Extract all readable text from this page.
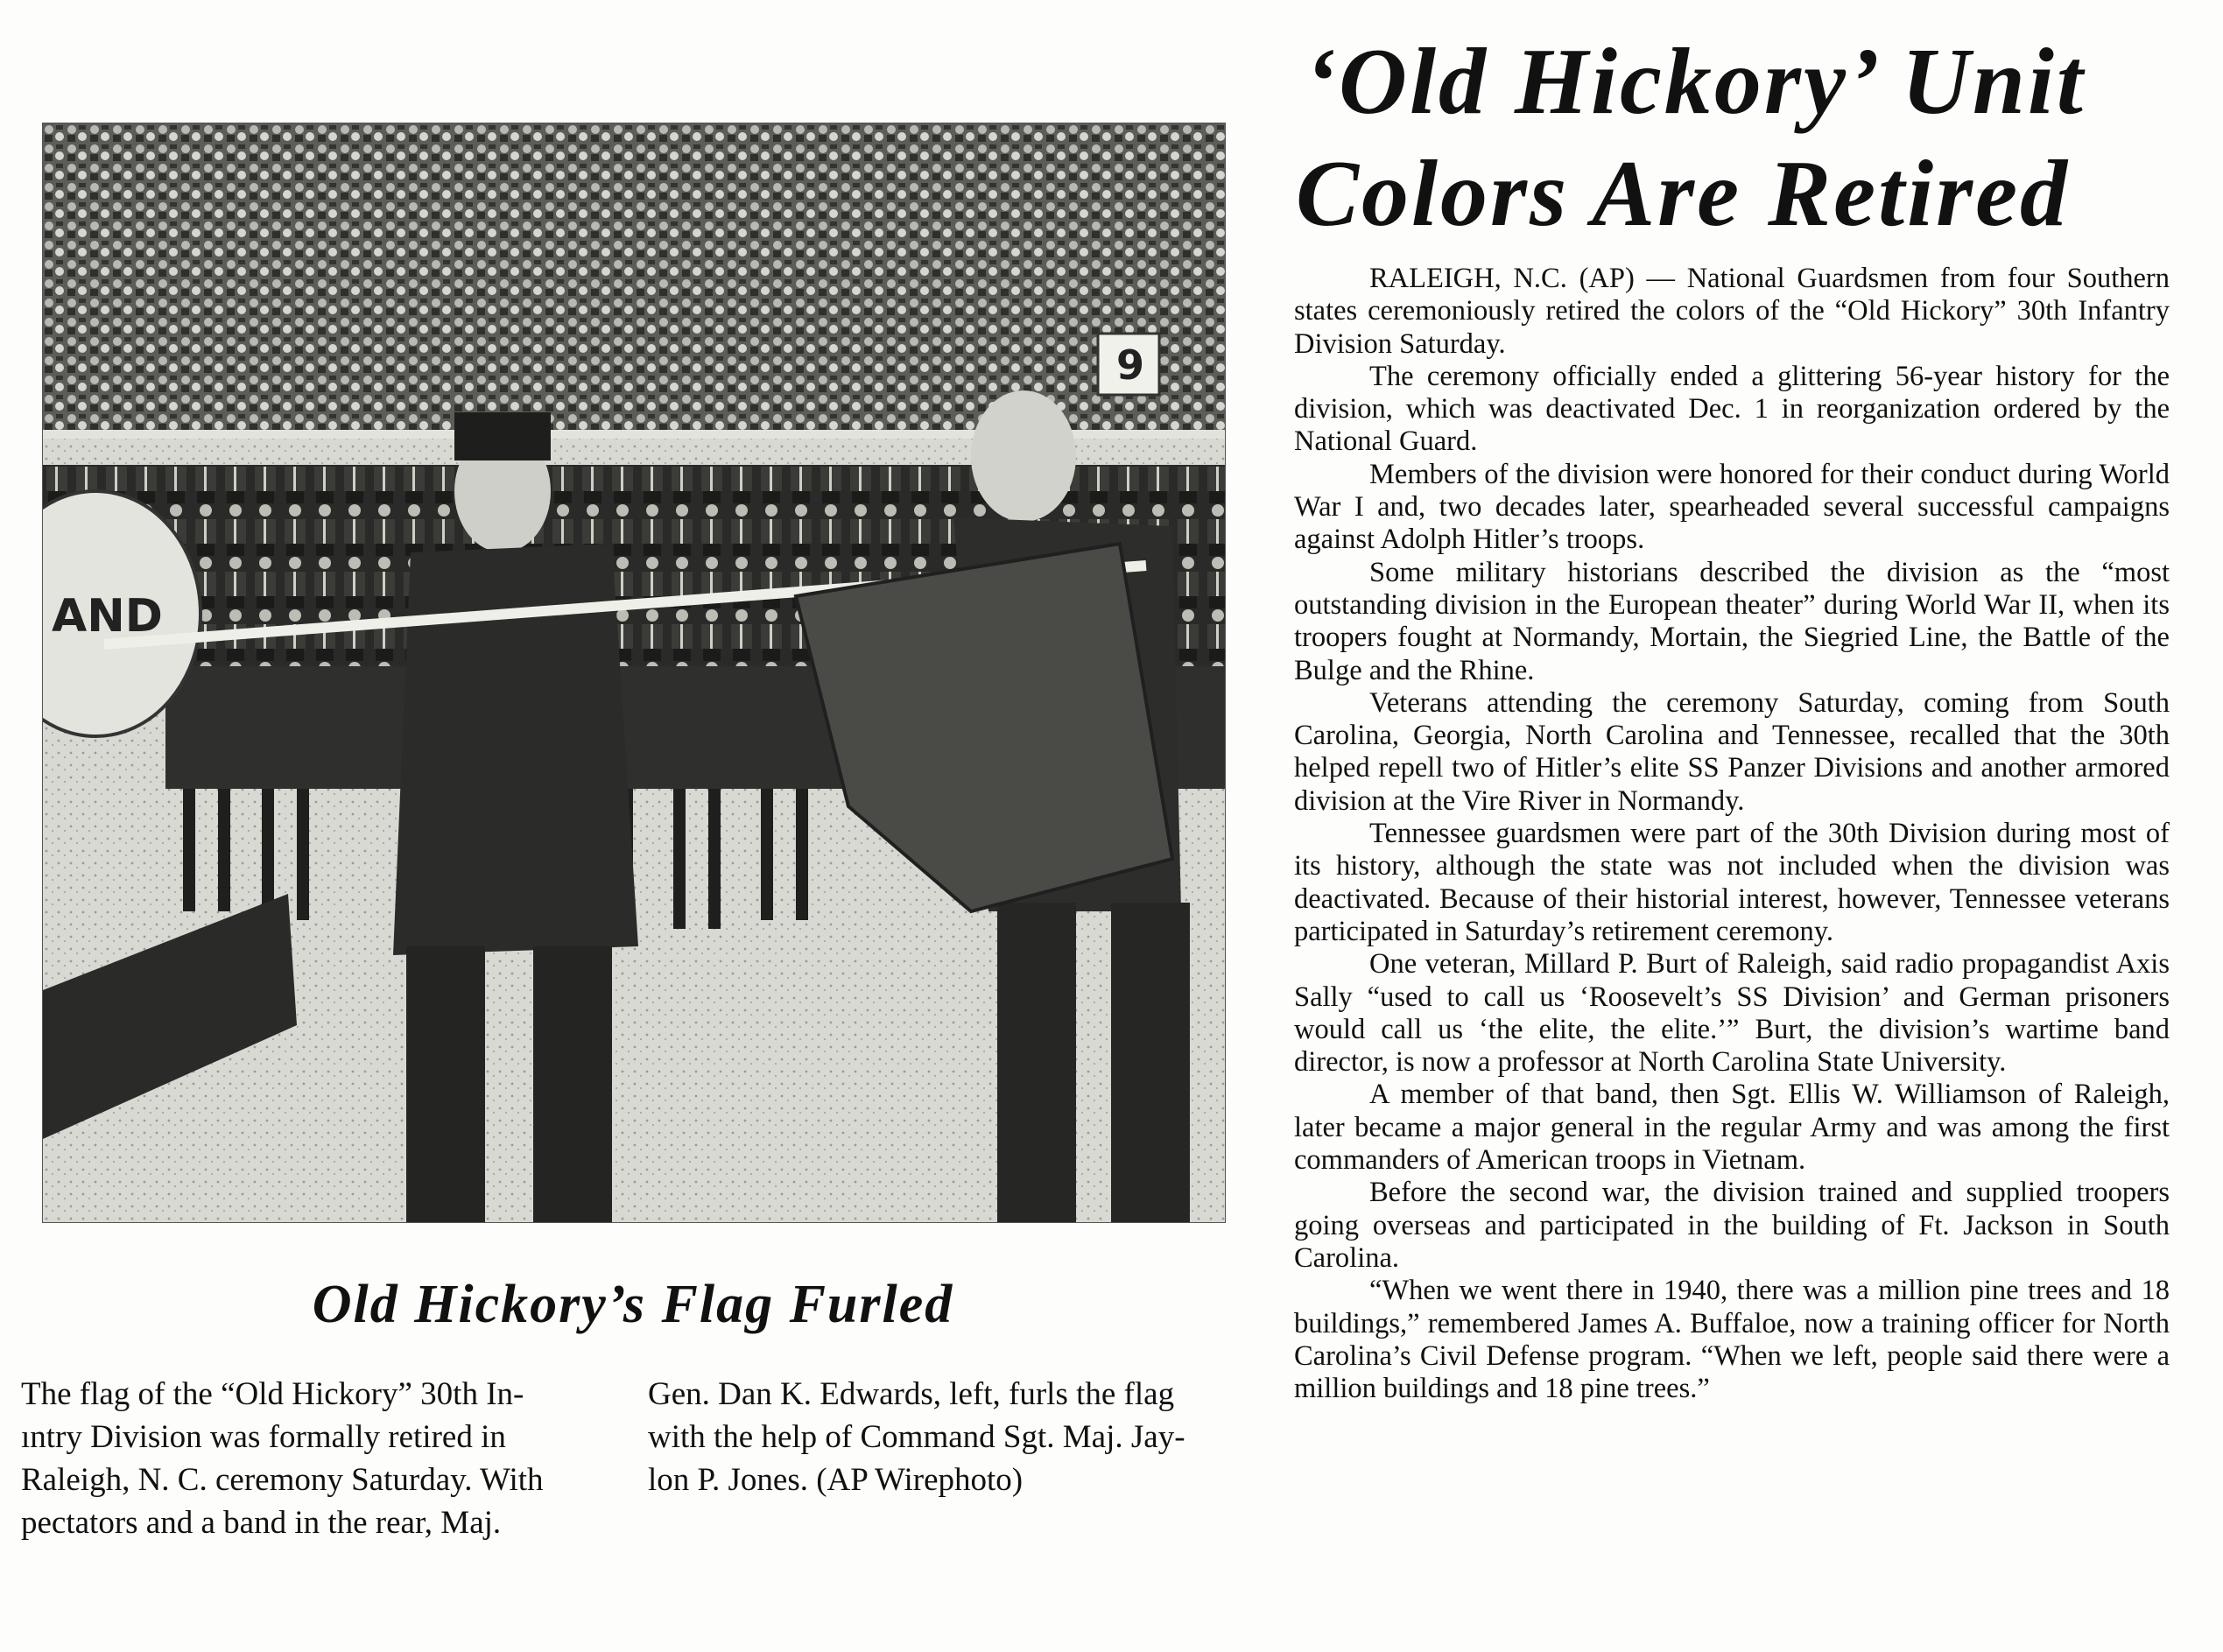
AND
9
Old Hickory’s Flag Furled
The flag of the “Old Hickory” 30th In-
ıntry Division was formally retired in
Raleigh, N. C. ceremony Saturday. With
pectators and a band in the rear, Maj.
Gen. Dan K. Edwards, left, furls the flag
with the help of Command Sgt. Maj. Jay-
lon P. Jones. (AP Wirephoto)
‘Old Hickory’ Unit
Colors Are Retired

RALEIGH, N.C. (AP) — National Guardsmen from four Southern states ceremoniously retired the colors of the “Old Hickory” 30th Infantry Division Saturday.

The ceremony officially ended a glittering 56-year history for the division, which was deactivated Dec. 1 in reorganization ordered by the National Guard.

Members of the division were honored for their conduct during World War I and, two decades later, spearheaded several successful campaigns against Adolph Hitler’s troops.

Some military historians described the division as the “most outstanding division in the European theater” during World War II, when its troopers fought at Normandy, Mortain, the Siegried Line, the Battle of the Bulge and the Rhine.

Veterans attending the ceremony Saturday, coming from South Carolina, Georgia, North Carolina and Tennessee, recalled that the 30th helped repell two of Hitler’s elite SS Panzer Divisions and another armored division at the Vire River in Normandy.

Tennessee guardsmen were part of the 30th Division during most of its history, although the state was not included when the division was deactivated. Because of their historial interest, however, Tennessee veterans participated in Saturday’s retirement ceremony.

One veteran, Millard P. Burt of Raleigh, said radio propagandist Axis Sally “used to call us ‘Roosevelt’s SS Division’ and German prisoners would call us ‘the elite, the elite.’” Burt, the division’s wartime band director, is now a professor at North Carolina State University.

A member of that band, then Sgt. Ellis W. Williamson of Raleigh, later became a major general in the regular Army and was among the first commanders of American troops in Vietnam.

Before the second war, the division trained and supplied troopers going overseas and participated in the building of Ft. Jackson in South Carolina.

“When we went there in 1940, there was a million pine trees and 18 buildings,” remembered James A. Buffaloe, now a training officer for North Carolina’s Civil Defense program. “When we left, people said there were a million buildings and 18 pine trees.”
